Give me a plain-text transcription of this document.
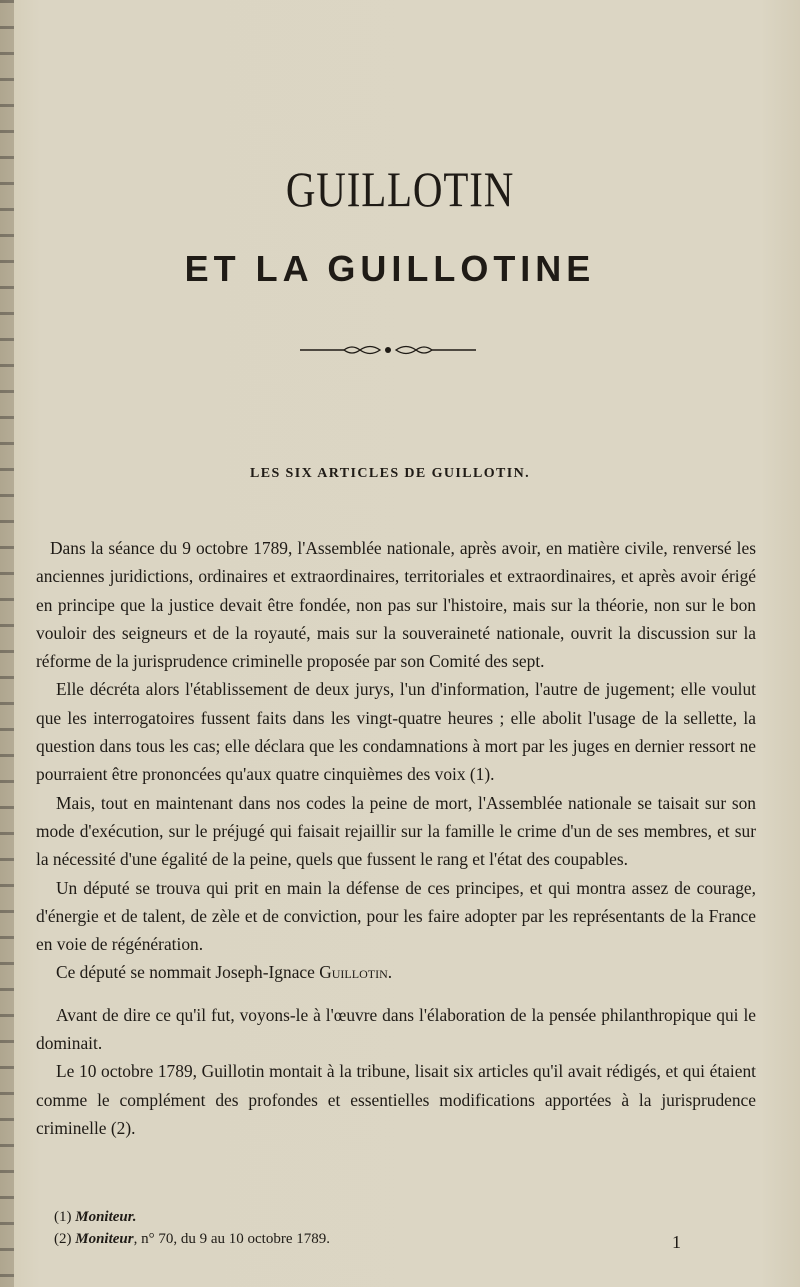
GUILLOTIN
ET LA GUILLOTINE
LES SIX ARTICLES DE GUILLOTIN.

Dans la séance du 9 octobre 1789, l'Assemblée nationale, après avoir, en matière civile, renversé les anciennes juridictions, ordinaires et extraordinaires, territoriales et extraordinaires, et après avoir érigé en principe que la justice devait être fondée, non pas sur l'histoire, mais sur la théorie, non sur le bon vouloir des seigneurs et de la royauté, mais sur la souveraineté nationale, ouvrit la discussion sur la réforme de la jurisprudence criminelle proposée par son Comité des sept.

Elle décréta alors l'établissement de deux jurys, l'un d'information, l'autre de jugement; elle voulut que les interrogatoires fussent faits dans les vingt-quatre heures ; elle abolit l'usage de la sellette, la question dans tous les cas; elle déclara que les condamnations à mort par les juges en dernier ressort ne pourraient être prononcées qu'aux quatre cinquièmes des voix (1).

Mais, tout en maintenant dans nos codes la peine de mort, l'Assemblée nationale se taisait sur son mode d'exécution, sur le préjugé qui faisait rejaillir sur la famille le crime d'un de ses membres, et sur la nécessité d'une égalité de la peine, quels que fussent le rang et l'état des coupables.

Un député se trouva qui prit en main la défense de ces principes, et qui montra assez de courage, d'énergie et de talent, de zèle et de conviction, pour les faire adopter par les représentants de la France en voie de régénération.

Ce député se nommait Joseph-Ignace Guillotin.

Avant de dire ce qu'il fut, voyons-le à l'œuvre dans l'élaboration de la pensée philanthropique qui le dominait.

Le 10 octobre 1789, Guillotin montait à la tribune, lisait six articles qu'il avait rédigés, et qui étaient comme le complément des profondes et essentielles modifications apportées à la jurisprudence criminelle (2).

(1) Moniteur.
(2) Moniteur, n° 70, du 9 au 10 octobre 1789.	1
